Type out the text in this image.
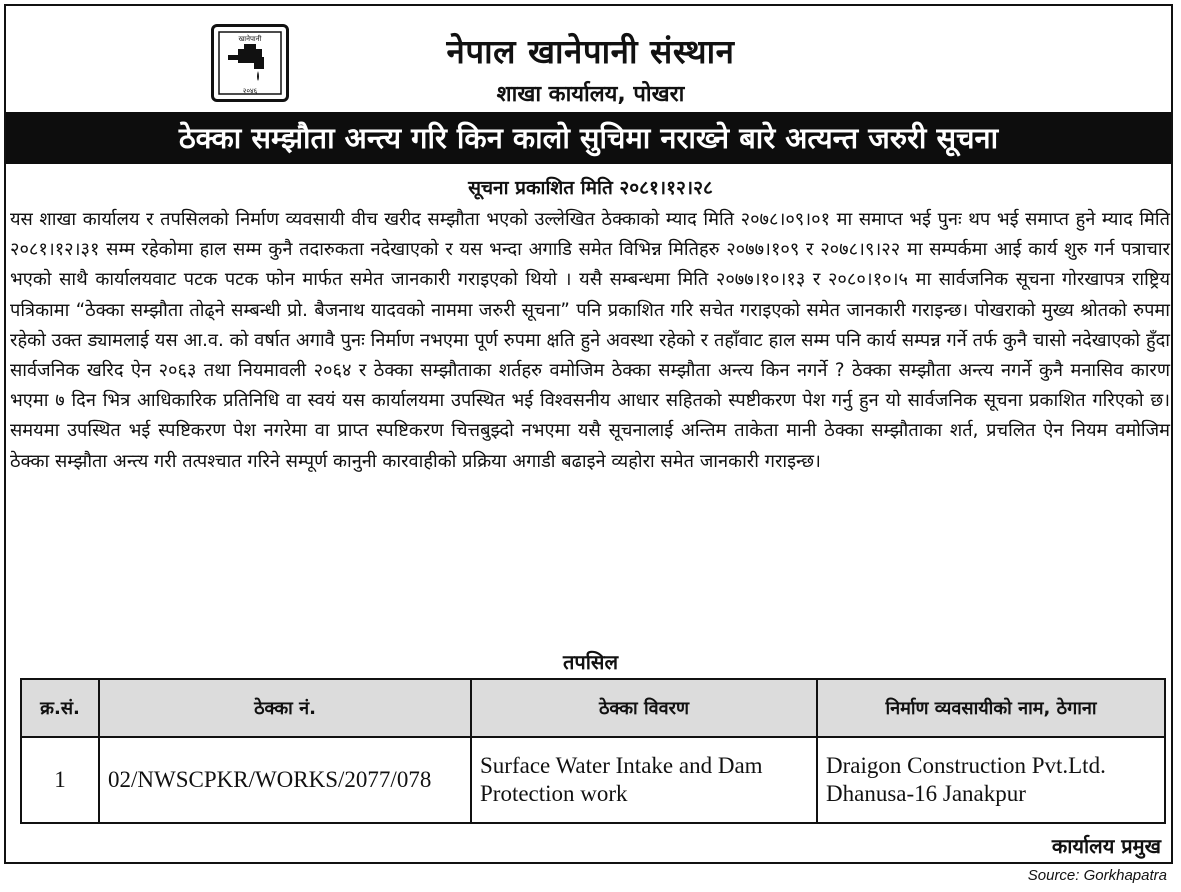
खानेपानी
२०४६
नेपाल खानेपानी संस्थान
शाखा कार्यालय, पोखरा
ठेक्का सम्झौता अन्त्य गरि किन कालो सुचिमा नराख्ने बारे अत्यन्त जरुरी सूचना
सूचना प्रकाशित मिति २०८१।१२।२८
यस शाखा कार्यालय र तपसिलको निर्माण व्यवसायी वीच खरीद सम्झौता भएको उल्लेखित ठेक्काको म्याद मिति २०७८।०९।०१ मा समाप्त भई पुनः थप भई समाप्त हुने म्याद मिति २०८१।१२।३१ सम्म रहेकोमा हाल सम्म कुनै तदारुकता नदेखाएको र यस भन्दा अगाडि समेत विभिन्न मितिहरु २०७७।१०९ र २०७८।९।२२ मा सम्पर्कमा आई कार्य शुरु गर्न पत्राचार भएको साथै कार्यालयवाट पटक पटक फोन मार्फत समेत जानकारी गराइएको थियो । यसै सम्बन्धमा मिति २०७७।१०।१३ र २०८०।१०।५ मा सार्वजनिक सूचना गोरखापत्र राष्ट्रिय पत्रिकामा “ठेक्का सम्झौता तोढ्ने सम्बन्धी प्रो. बैजनाथ यादवको नाममा जरुरी सूचना” पनि प्रकाशित गरि सचेत गराइएको समेत जानकारी गराइन्छ। पोखराको मुख्य श्रोतको रुपमा रहेको उक्त ड्यामलाई यस आ.व. को वर्षात अगावै पुनः निर्माण नभएमा पूर्ण रुपमा क्षति हुने अवस्था रहेको र तहाँवाट हाल सम्म पनि कार्य सम्पन्न गर्ने तर्फ कुनै चासो नदेखाएको हुँदा सार्वजनिक खरिद ऐन २०६३ तथा नियमावली २०६४ र ठेक्का सम्झौताका शर्तहरु वमोजिम ठेक्का सम्झौता अन्त्य किन नगर्ने ? ठेक्का सम्झौता अन्त्य नगर्ने कुनै मनासिव कारण भएमा ७ दिन भित्र आधिकारिक प्रतिनिधि वा स्वयं यस कार्यालयमा उपस्थित भई विश्वसनीय आधार सहितको स्पष्टीकरण पेश गर्नु हुन यो सार्वजनिक सूचना प्रकाशित गरिएको छ। समयमा उपस्थित भई स्पष्टिकरण पेश नगरेमा वा प्राप्त स्पष्टिकरण चित्तबुझ्दो नभएमा यसै सूचनालाई अन्तिम ताकेता मानी ठेक्का सम्झौताका शर्त, प्रचलित ऐन नियम वमोजिम ठेक्का सम्झौता अन्त्य गरी तत्पश्चात गरिने सम्पूर्ण कानुनी कारवाहीको प्रक्रिया अगाडी बढाइने व्यहोरा समेत जानकारी गराइन्छ।
तपसिल
क्र.सं.	ठेक्का नं.	ठेक्का विवरण	निर्माण व्यवसायीको नाम, ठेगाना
1	02/NWSCPKR/WORKS/2077/078	Surface Water Intake and Dam Protection work	Draigon Construction Pvt.Ltd. Dhanusa-16 Janakpur
कार्यालय प्रमुख
Source: Gorkhapatra
